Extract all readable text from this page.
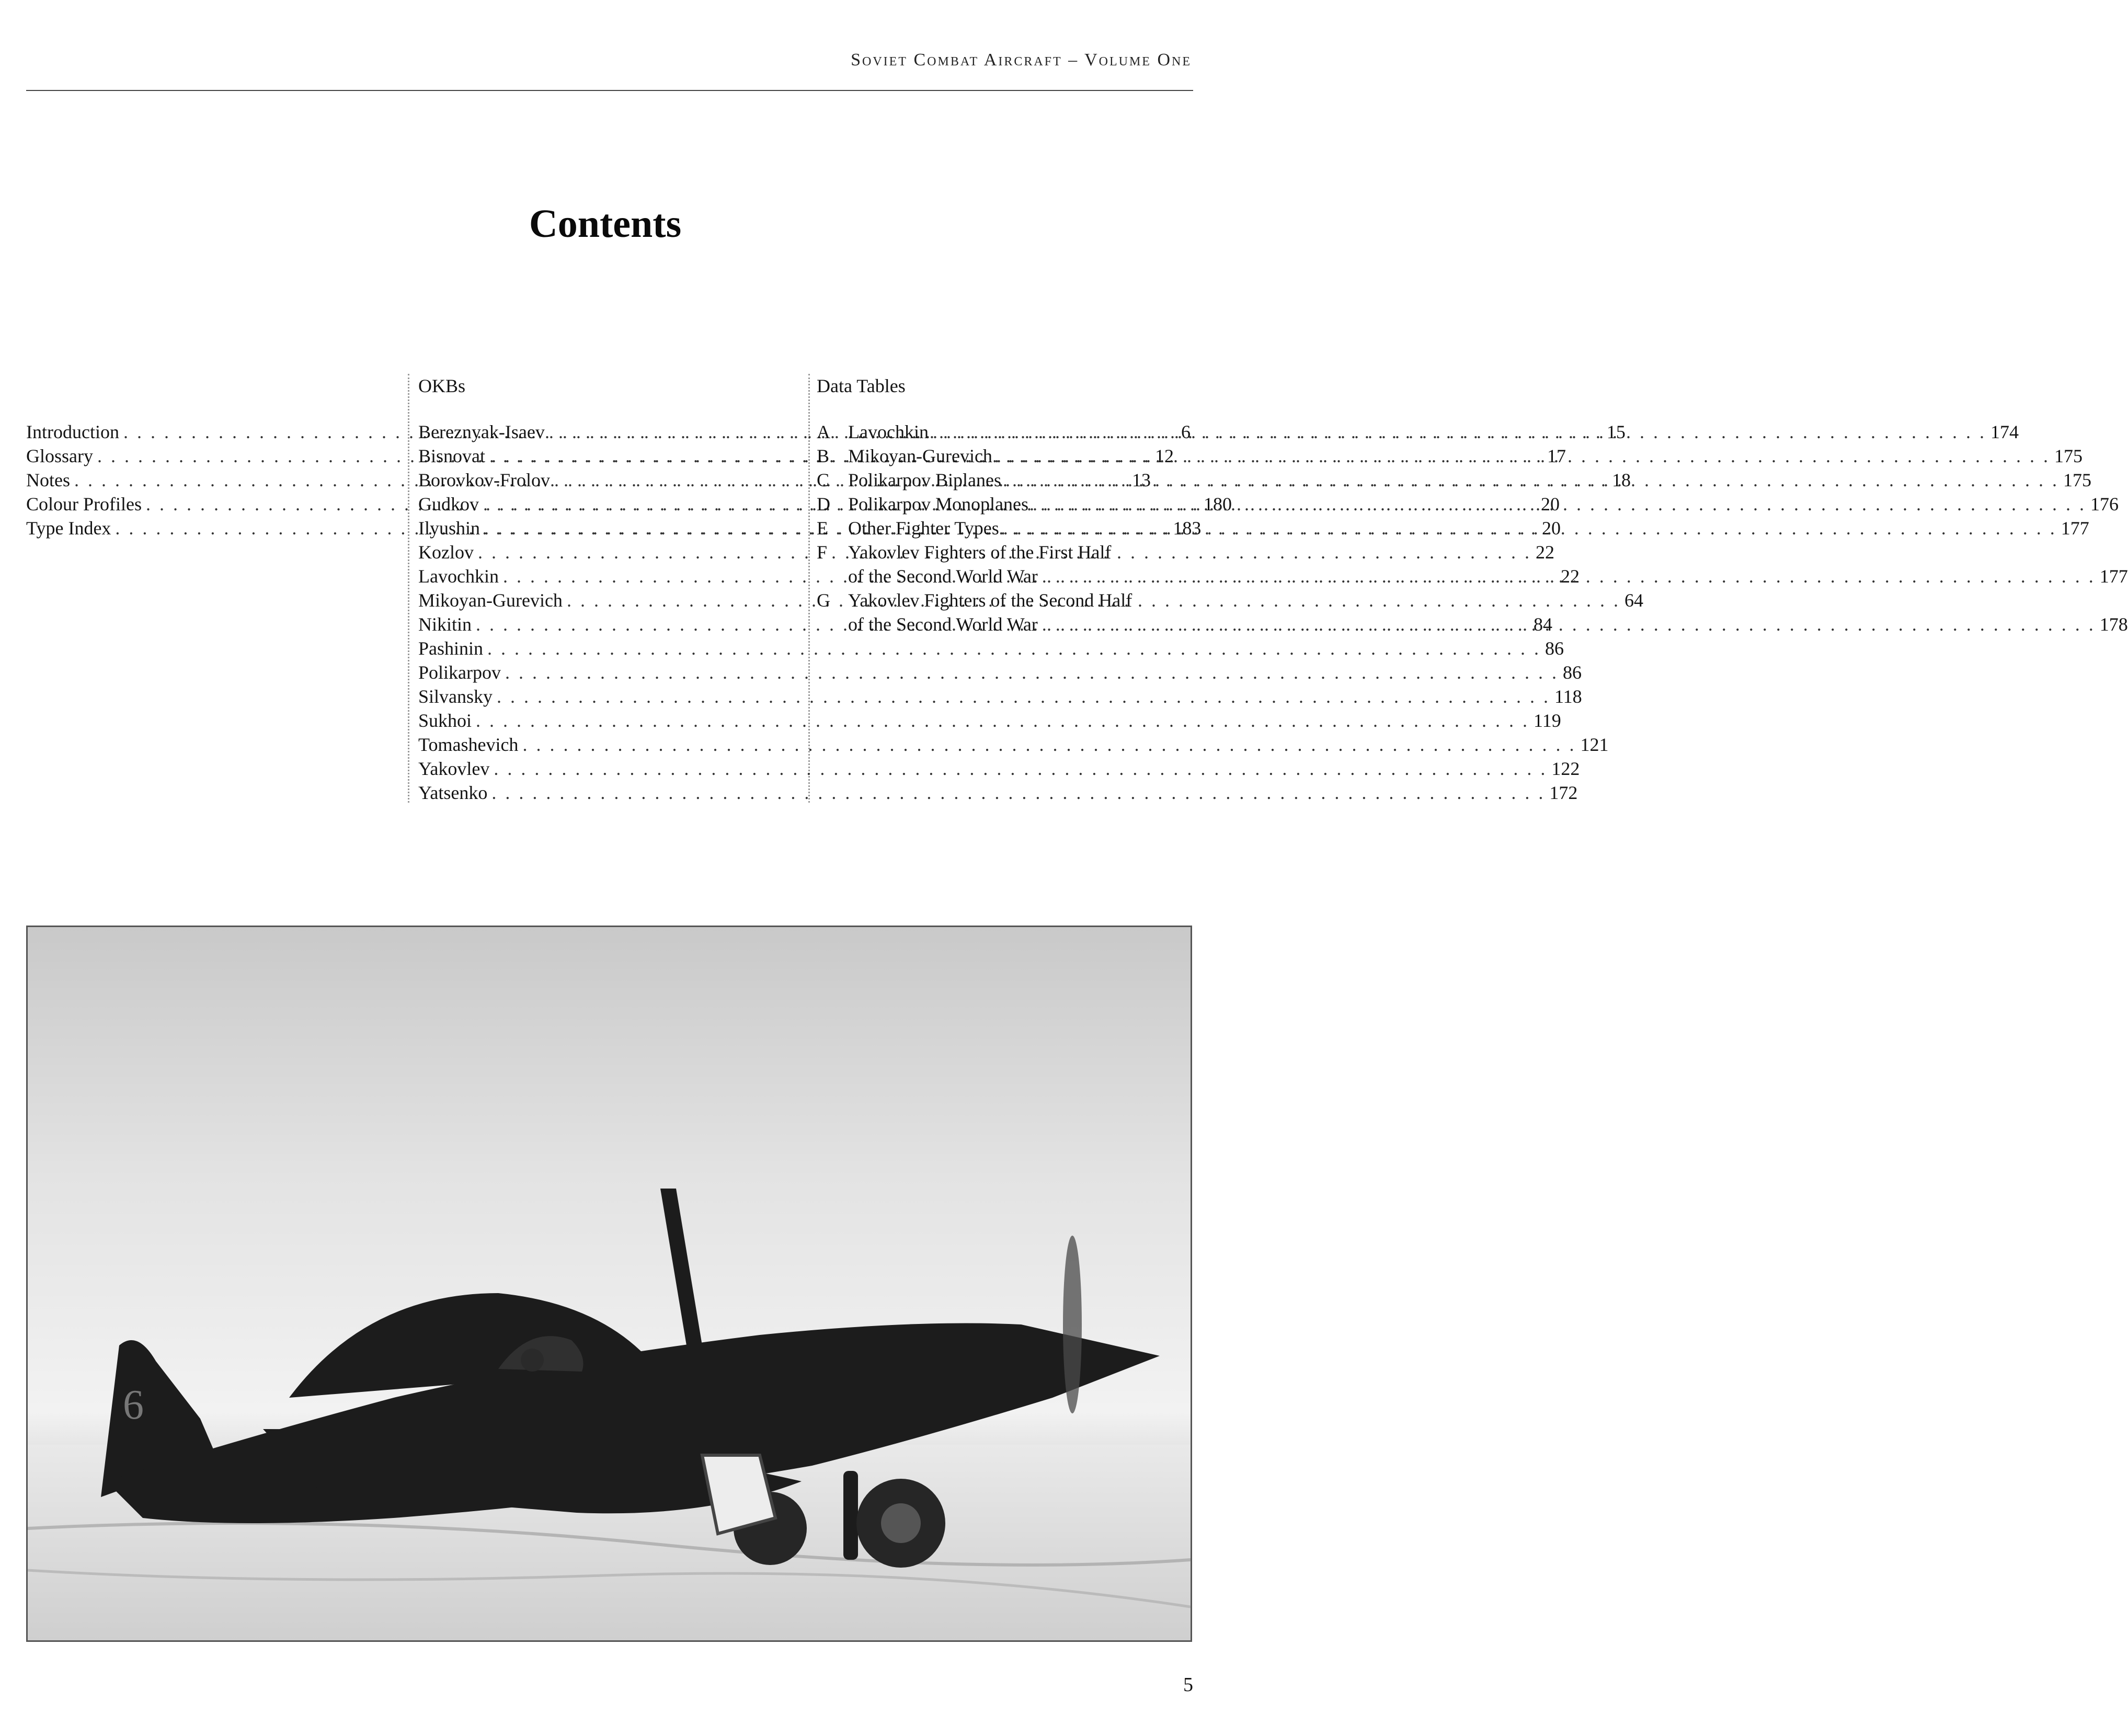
Soviet Combat Aircraft – Volume One
Contents
Introduction . . .	6
Glossary . . .	12
Notes . . .	13
Colour Profiles . . .	180
Type Index . . .	183
OKBs
Bereznyak-Isaev . . .	15
Bisnovat . . .	17
Borovkov-Frolov . . .	18
Gudkov . . .	20
Ilyushin . . .	20
Kozlov . . .	22
Lavochkin . . .	22
Mikoyan-Gurevich . . .	64
Nikitin . . .	84
Pashinin . . .	86
Polikarpov . . .	86
Silvansky . . .	118
Sukhoi . . .	119
Tomashevich . . .	121
Yakovlev . . .	122
Yatsenko . . .	172
Data Tables
A Lavochkin . . .	174
B Mikoyan-Gurevich . . .	175
C Polikarpov Biplanes . . .	175
D Polikarpov Monoplanes . . .	176
E	Other Fighter Types . . .	177
F	Yakovlev Fighters of the First Half
of the Second World War . . .	177
G Yakovlev Fighters of the Second Half
of the Second World War . . .	178
6
5
